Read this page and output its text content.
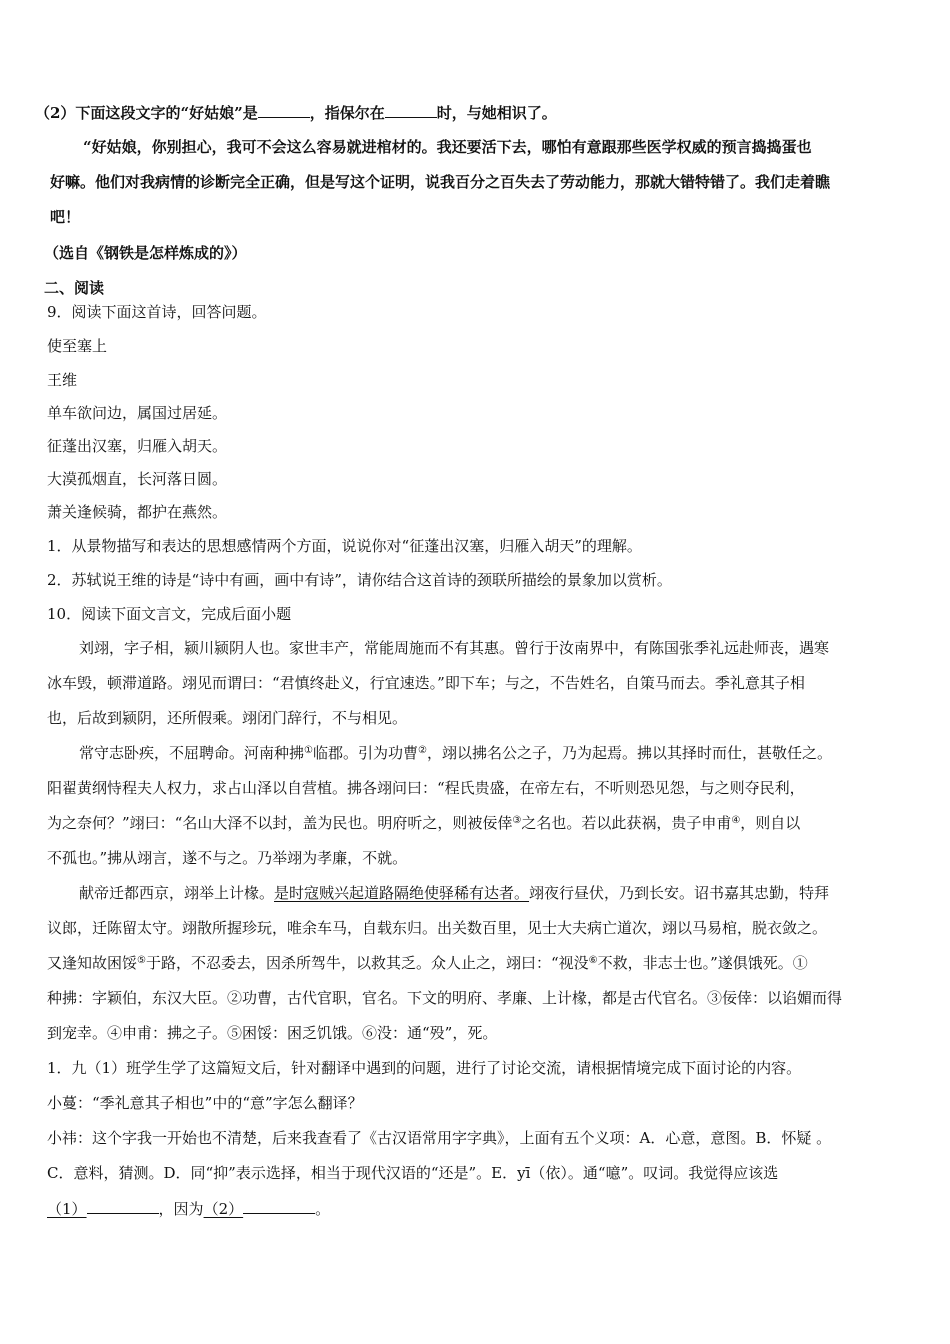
（2）下面这段文字的“好姑娘”是	，指保尔在	时，与她相识了。
“好姑娘，你别担心，我可不会这么容易就进棺材的。我还要活下去，哪怕有意跟那些医学权威的预言捣捣蛋也
好嘛。他们对我病情的诊断完全正确，但是写这个证明，说我百分之百失去了劳动能力，那就大错特错了。我们走着瞧
吧！
（选自《钢铁是怎样炼成的》）
二、阅读
9．阅读下面这首诗，回答问题。
使至塞上
王维
单车欲问边，属国过居延。
征蓬出汉塞，归雁入胡天。
大漠孤烟直，长河落日圆。
萧关逢候骑，都护在燕然。
1．从景物描写和表达的思想感情两个方面，说说你对“征蓬出汉塞，归雁入胡天”的理解。
2．苏轼说王维的诗是“诗中有画，画中有诗”，请你结合这首诗的颈联所描绘的景象加以赏析。
10．阅读下面文言文，完成后面小题
刘翊，字子相，颍川颍阴人也。家世丰产，常能周施而不有其惠。曾行于汝南界中，有陈国张季礼远赴师丧，遇寒
冰车毁，顿滞道路。翊见而谓曰：“君慎终赴义，行宜速迭。”即下车；与之，不告姓名，自策马而去。季礼意其子相
也，后故到颍阴，还所假乘。翊闭门辞行，不与相见。
常守志卧疾，不屈聘命。河南种拂①临郡。引为功曹②，翊以拂名公之子，乃为起焉。拂以其择时而仕，甚敬任之。
阳翟黄纲恃程夫人权力，求占山泽以自营植。拂各翊问曰：“程氏贵盛，在帝左右，不听则恐见怨，与之则夺民利，
为之奈何？”翊曰：“名山大泽不以封，盖为民也。明府听之，则被佞倖③之名也。若以此获祸，贵子申甫④，则自以
不孤也。”拂从翊言，遂不与之。乃举翊为孝廉，不就。
献帝迁都西京，翊举上计椽。是时寇贼兴起道路隔绝使驿稀有达者。翊夜行昼伏，乃到长安。诏书嘉其忠勤，特拜
议郎，迁陈留太守。翊散所握珍玩，唯余车马，自载东归。出关数百里，见士大夫病亡道次，翊以马易棺，脱衣敛之。
又逢知故困馁⑤于路，不忍委去，因杀所驾牛，以救其乏。众人止之，翊曰：“视没⑥不救，非志士也。”遂俱饿死。①
种拂：字颖伯，东汉大臣。②功曹，古代官职，官名。下文的明府、孝廉、上计椽，都是古代官名。③佞倖：以谄媚而得
到宠幸。④申甫：拂之子。⑤困馁：困乏饥饿。⑥没：通“殁”，死。
1．九（1）班学生学了这篇短文后，针对翻译中遇到的问题，进行了讨论交流，请根据情境完成下面讨论的内容。
小蔓：“季礼意其子相也”中的“意”字怎么翻译？
小祎：这个字我一开始也不清楚，后来我查看了《古汉语常用字字典》，上面有五个义项：A．心意，意图。B．怀疑 。
C．意料，猜测。D．同“抑”表示选择，相当于现代汉语的“还是”。E．yī（依）。通“噫”。叹词。我觉得应该选
（1）	，因为（2）	。
